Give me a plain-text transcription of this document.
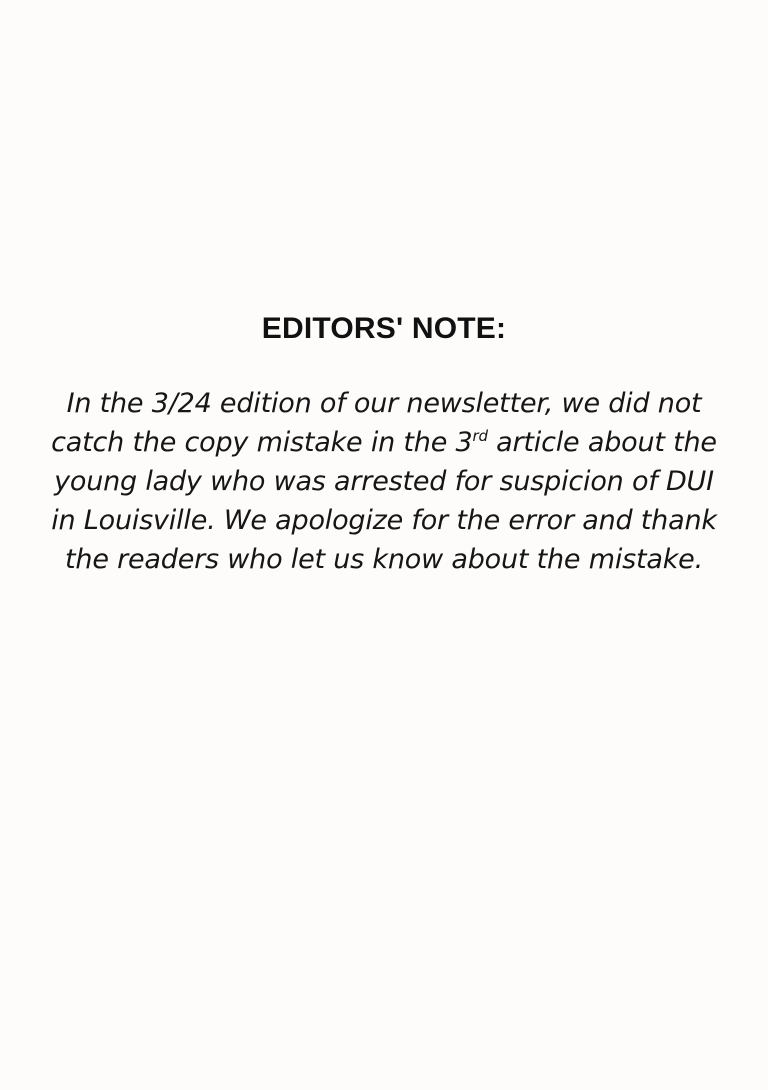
EDITORS' NOTE:

In the 3/24 edition of our newsletter, we did not
catch the copy mistake in the 3rd article about the
young lady who was arrested for suspicion of DUI
in Louisville. We apologize for the error and thank
the readers who let us know about the mistake.
